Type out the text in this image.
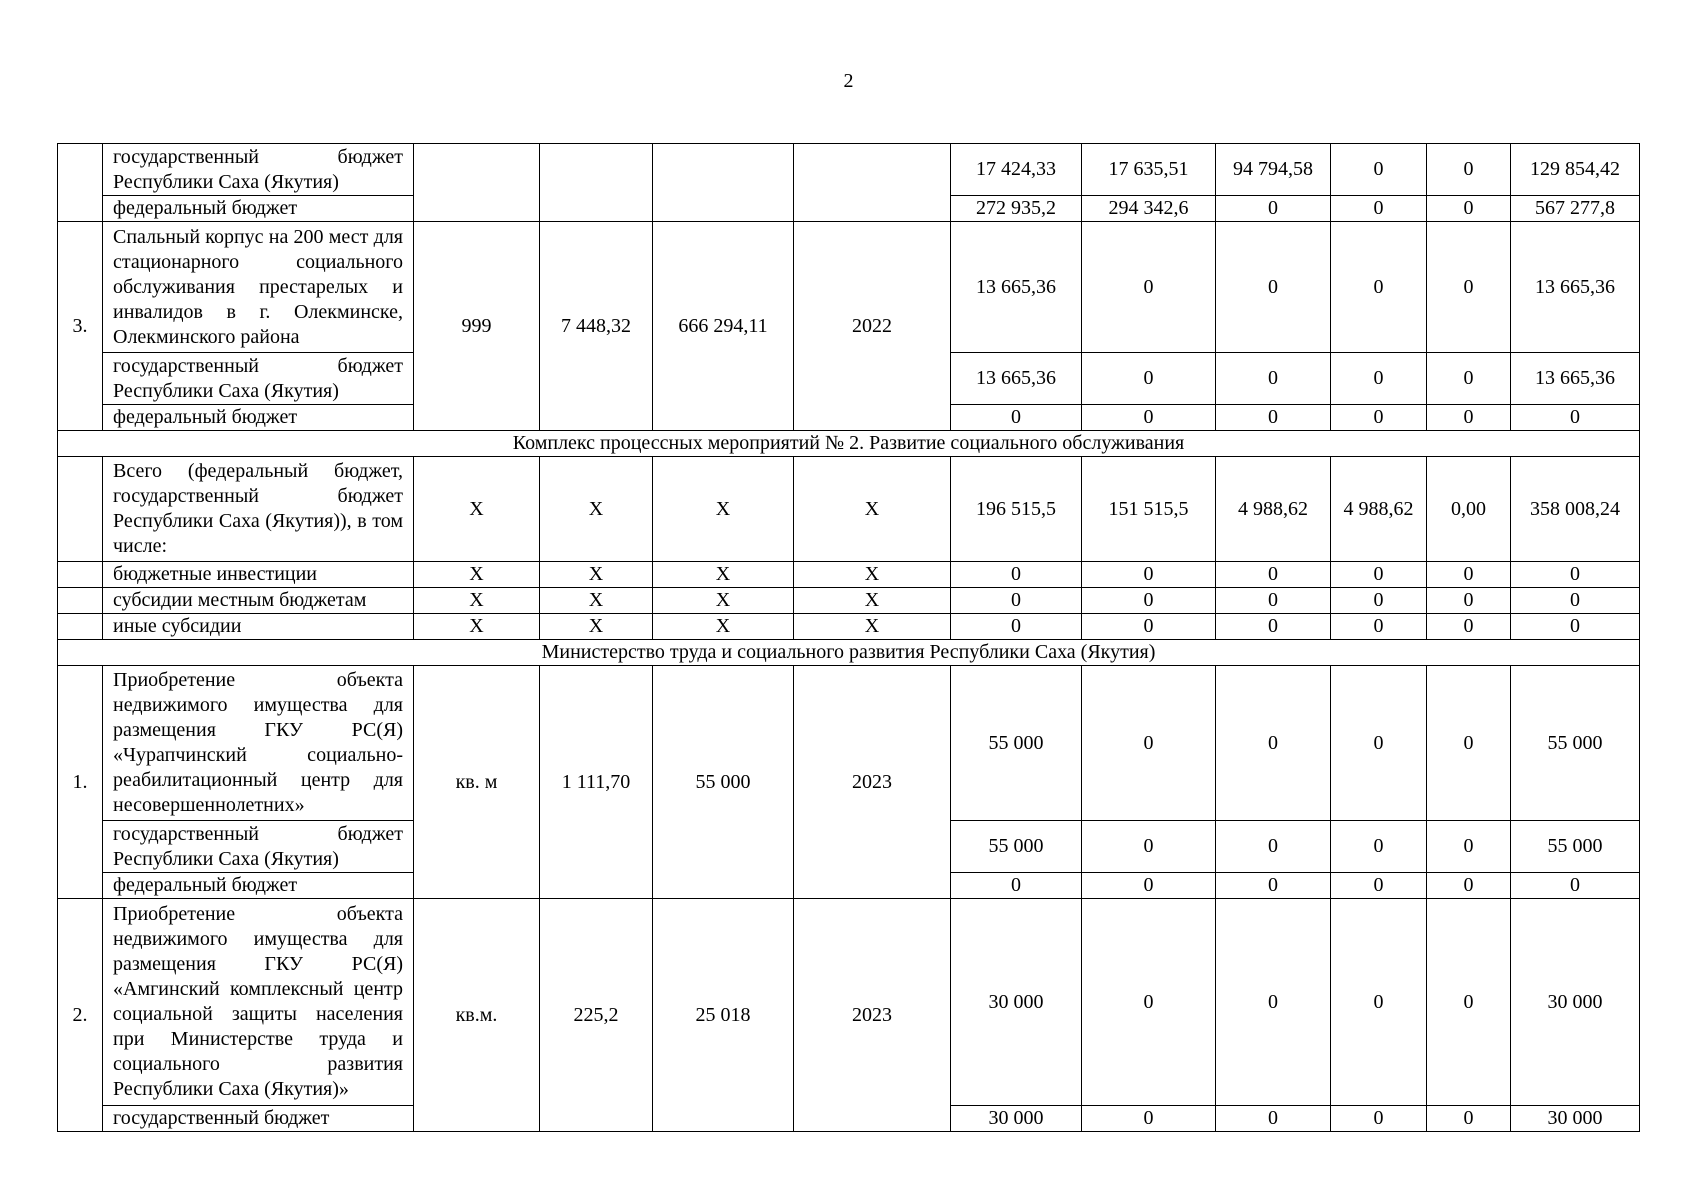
2
	государственный бюджет Республики Саха (Якутия)					17 424,33	17 635,51	94 794,58	0	0	129 854,42
	федеральный бюджет					272 935,2	294 342,6	0	0	0	567 277,8
3.	Спальный корпус на 200 мест для стационарного социального обслуживания престарелых и инвалидов в г. Олекминске, Олекминского района	999	7 448,32	666 294,11	2022	13 665,36	0	0	0	0	13 665,36
	государственный бюджет Республики Саха (Якутия)					13 665,36	0	0	0	0	13 665,36
	федеральный бюджет					0	0	0	0	0	0
Комплекс процессных мероприятий № 2. Развитие социального обслуживания											
	Всего (федеральный бюджет, государственный бюджет Республики Саха (Якутия)), в том числе:	Х	Х	Х	Х	196 515,5	151 515,5	4 988,62	4 988,62	0,00	358 008,24
	бюджетные инвестиции	Х	Х	Х	Х	0	0	0	0	0	0
	субсидии местным бюджетам	Х	Х	Х	Х	0	0	0	0	0	0
	иные субсидии	Х	Х	Х	Х	0	0	0	0	0	0
Министерство труда и социального развития Республики Саха (Якутия)											
1.	Приобретение объекта недвижимого имущества для размещения ГКУ РС(Я) «Чурапчинский социально-реабилитационный центр для несовершеннолетних»	кв. м	1 111,70	55 000	2023	55 000	0	0	0	0	55 000
	государственный бюджет Республики Саха (Якутия)					55 000	0	0	0	0	55 000
	федеральный бюджет					0	0	0	0	0	0
2.	Приобретение объекта недвижимого имущества для размещения ГКУ РС(Я) «Амгинский комплексный центр социальной защиты населения при Министерстве труда и социального развития Республики Саха (Якутия)»	кв.м.	225,2	25 018	2023	30 000	0	0	0	0	30 000
	государственный бюджет					30 000	0	0	0	0	30 000
